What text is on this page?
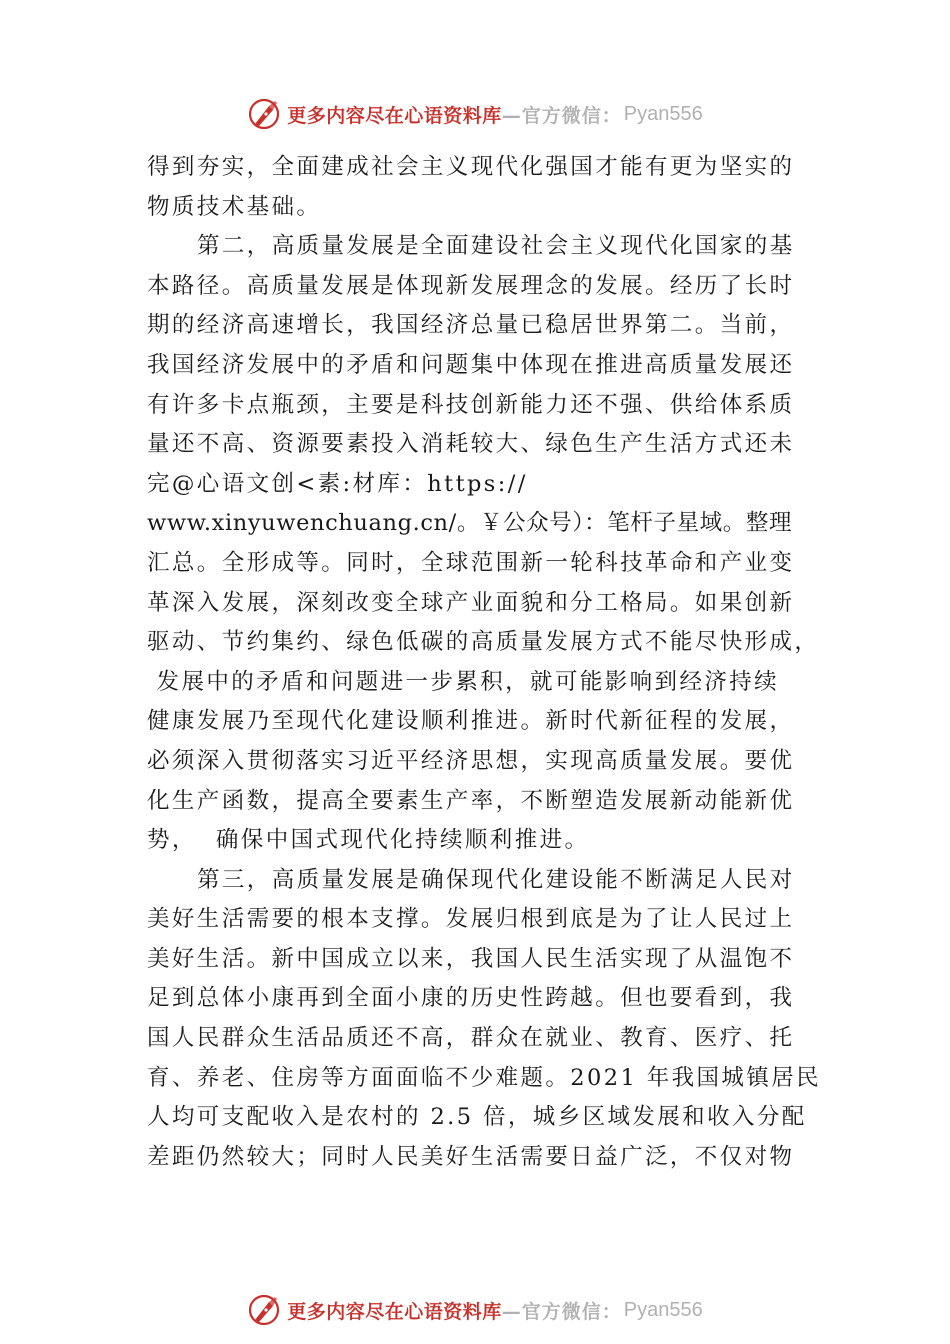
更多内容尽在心语资料库 —官方微信： Pyan556
得到夯实，全面建成社会主义现代化强国才能有更为坚实的
物质技术基础。
第二，高质量发展是全面建设社会主义现代化国家的基
本路径。高质量发展是体现新发展理念的发展。经历了长时
期的经济高速增长，我国经济总量已稳居世界第二。当前，
我国经济发展中的矛盾和问题集中体现在推进高质量发展还
有许多卡点瓶颈，主要是科技创新能力还不强、供给体系质
量还不高、资源要素投入消耗较大、绿色生产生活方式还未
完@心语文创<素:材库：https://
www.xinyuwenchuang.cn/。￥公众号）：笔杆子星域。整理
汇总。全形成等。同时，全球范围新一轮科技革命和产业变
革深入发展，深刻改变全球产业面貌和分工格局。如果创新
驱动、节约集约、绿色低碳的高质量发展方式不能尽快形成，
发展中的矛盾和问题进一步累积，就可能影响到经济持续
健康发展乃至现代化建设顺利推进。新时代新征程的发展，
必须深入贯彻落实习近平经济思想，实现高质量发展。要优
化生产函数，提高全要素生产率，不断塑造发展新动能新优
势，  确保中国式现代化持续顺利推进。
第三，高质量发展是确保现代化建设能不断满足人民对
美好生活需要的根本支撑。发展归根到底是为了让人民过上
美好生活。新中国成立以来，我国人民生活实现了从温饱不
足到总体小康再到全面小康的历史性跨越。但也要看到，我
国人民群众生活品质还不高，群众在就业、教育、医疗、托
育、养老、住房等方面面临不少难题。2021 年我国城镇居民
人均可支配收入是农村的 2.5 倍，城乡区域发展和收入分配
差距仍然较大；同时人民美好生活需要日益广泛，不仅对物
更多内容尽在心语资料库 —官方微信： Pyan556
